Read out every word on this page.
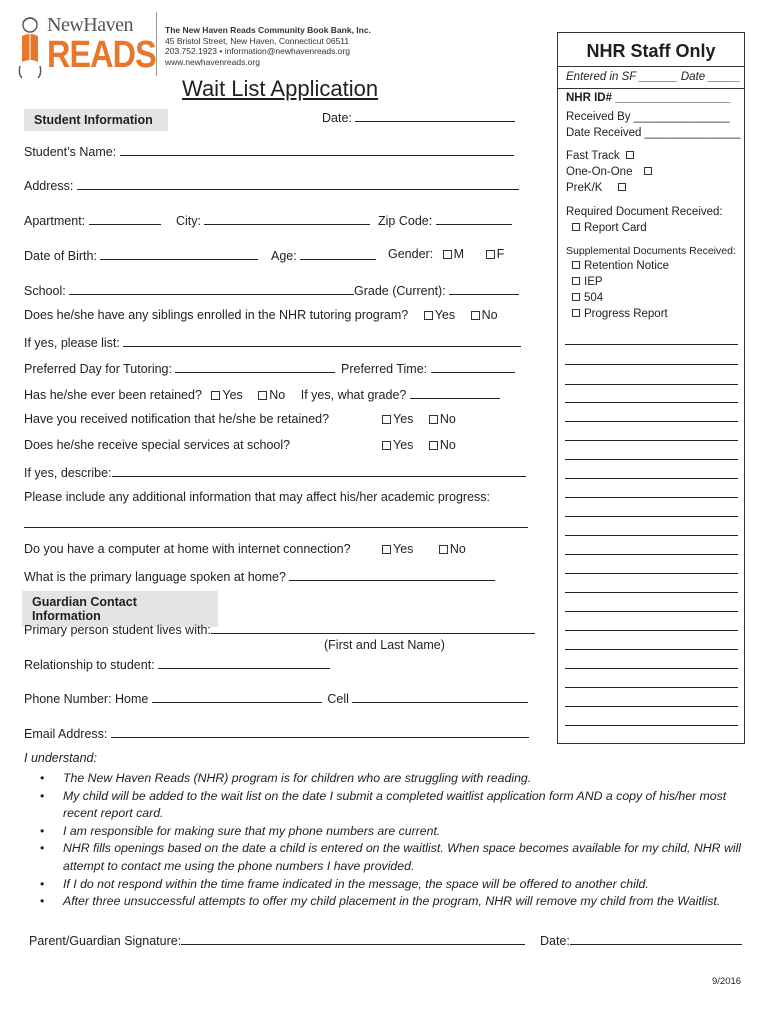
NewHaven
READS
The New Haven Reads Community Book Bank, Inc.
45 Bristol Street, New Haven, Connecticut 06511
203.752.1923 • information@newhavenreads.org
www.newhavenreads.org
Wait List Application
Student Information	Date:
Student’s Name:
Address:
Apartment:	City:	Zip Code:
Date of Birth:	Age:	Gender: M	F
School:	Grade (Current):
Does he/she have any siblings enrolled in the NHR tutoring program? Yes No
If yes, please list:
Preferred Day for Tutoring:	Preferred Time:
Has he/she ever been retained? Yes No If yes, what grade?
Have you received notification that he/she be retained?	Yes No
Does he/she receive special services at school?	Yes No
If yes, describe:
Please include any additional information that may affect his/her academic progress:
Do you have a computer at home with internet connection?	Yes	No
What is the primary language spoken at home?
Guardian Contact Information
Primary person student lives with:
(First and Last Name)
Relationship to student:
Phone Number: Home	Cell
Email Address:
I understand:
• The New Haven Reads (NHR) program is for children who are struggling with reading.
• My child will be added to the wait list on the date I submit a completed waitlist application form AND a copy of his/her most recent report card.
• I am responsible for making sure that my phone numbers are current.
• NHR fills openings based on the date a child is entered on the waitlist. When space becomes available for my child, NHR will attempt to contact me using the phone numbers I have provided.
• If I do not respond within the time frame indicated in the message, the space will be offered to another child.
• After three unsuccessful attempts to offer my child placement in the program, NHR will remove my child from the Waitlist.
Parent/Guardian Signature:	Date:
9/2016
NHR Staff Only
Entered in SF ______ Date _____
NHR ID# __________________
Received By _______________
Date Received _______________
Fast Track
One-On-One
PreK/K
Required Document Received:
Report Card
Supplemental Documents Received:
Retention Notice
IEP
504
Progress Report
